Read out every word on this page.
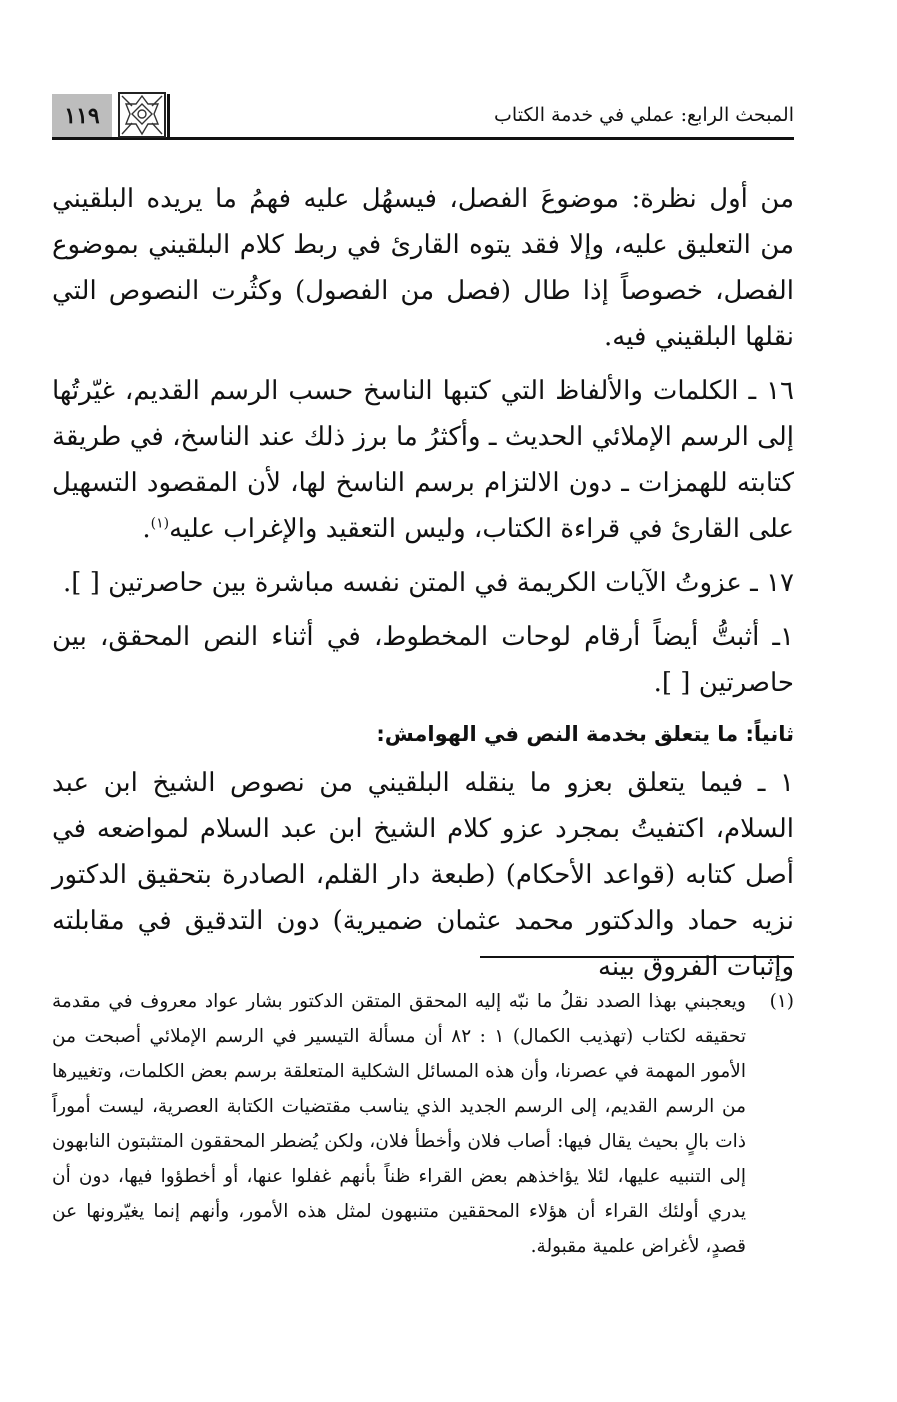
المبحث الرابع: عملي في خدمة الكتاب
١١٩

من أول نظرة: موضوعَ الفصل، فيسهُل عليه فهمُ ما يريده البلقيني من التعليق عليه، وإلا فقد يتوه القارئ في ربط كلام البلقيني بموضوع الفصل، خصوصاً إذا طال (فصل من الفصول) وكثُرت النصوص التي نقلها البلقيني فيه.

١٦ ـ الكلمات والألفاظ التي كتبها الناسخ حسب الرسم القديم، غيّرتُها إلى الرسم الإملائي الحديث ـ وأكثرُ ما برز ذلك عند الناسخ، في طريقة كتابته للهمزات ـ دون الالتزام برسم الناسخ لها، لأن المقصود التسهيل على القارئ في قراءة الكتاب، وليس التعقيد والإغراب عليه$^{(١)}$.

١٧ ـ عزوتُ الآيات الكريمة في المتن نفسه مباشرة بين حاصرتين [ ].

١ـ أثبتُّ أيضاً أرقام لوحات المخطوط، في أثناء النص المحقق، بين حاصرتين [ ].

ثانياً: ما يتعلق بخدمة النص في الهوامش:

١ ـ فيما يتعلق بعزو ما ينقله البلقيني من نصوص الشيخ ابن عبد السلام، اكتفيتُ بمجرد عزو كلام الشيخ ابن عبد السلام لمواضعه في أصل كتابه (قواعد الأحكام) (طبعة دار القلم، الصادرة بتحقيق الدكتور نزيه حماد والدكتور محمد عثمان ضميرية) دون التدقيق في مقابلته وإثبات الفروق بينه

(١)
ويعجبني بهذا الصدد نقلُ ما نبّه إليه المحقق المتقن الدكتور بشار عواد معروف في مقدمة تحقيقه لكتاب (تهذيب الكمال) ١ : ٨٢ أن مسألة التيسير في الرسم الإملائي أصبحت من الأمور المهمة في عصرنا، وأن هذه المسائل الشكلية المتعلقة برسم بعض الكلمات، وتغييرها من الرسم القديم، إلى الرسم الجديد الذي يناسب مقتضيات الكتابة العصرية، ليست أموراً ذات بالٍ بحيث يقال فيها: أصاب فلان وأخطأ فلان، ولكن يُضطر المحققون المتثبتون النابهون إلى التنبيه عليها، لئلا يؤاخذهم بعض القراء ظناً بأنهم غفلوا عنها، أو أخطؤوا فيها، دون أن يدري أولئك القراء أن هؤلاء المحققين متنبهون لمثل هذه الأمور، وأنهم إنما يغيّرونها عن قصدٍ، لأغراض علمية مقبولة.
